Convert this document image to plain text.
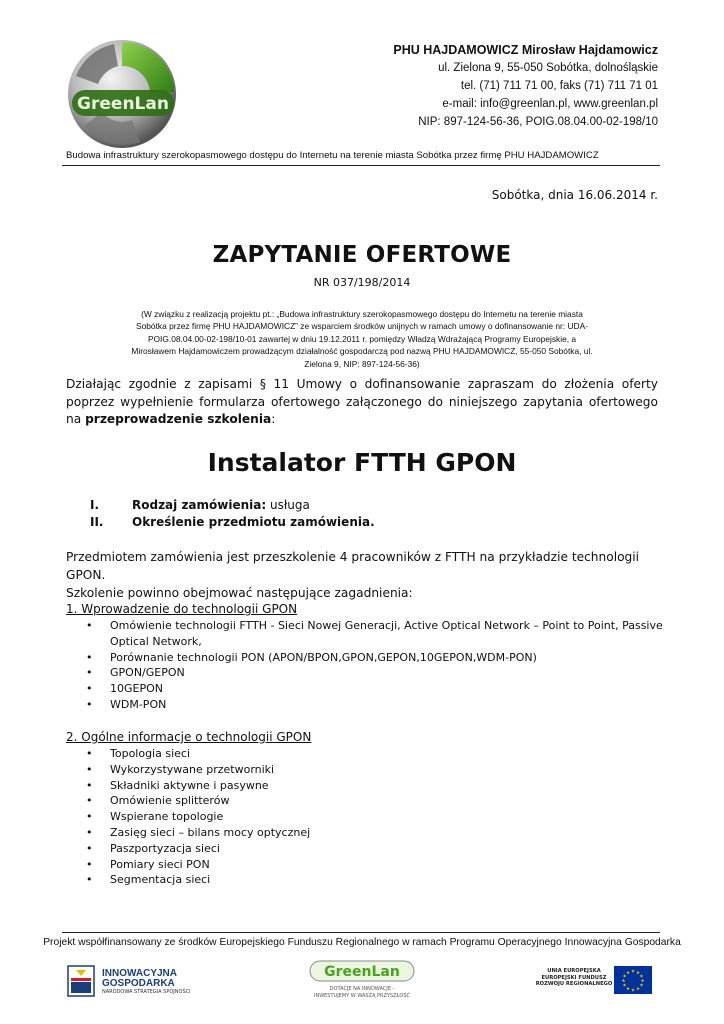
GreenLan
PHU HAJDAMOWICZ Mirosław Hajdamowicz
ul. Zielona 9, 55-050 Sobótka, dolnośląskie
tel. (71) 711 71 00, faks (71) 711 71 01
e-mail: info@greenlan.pl, www.greenlan.pl
NIP: 897-124-56-36, POIG.08.04.00-02-198/10
Budowa infrastruktury szerokopasmowego dostępu do Internetu na terenie miasta Sobótka przez firmę PHU HAJDAMOWICZ
Sobótka, dnia 16.06.2014 r.
ZAPYTANIE OFERTOWE
NR 037/198/2014
(W związku z realizacją projektu pt.: „Budowa infrastruktury szerokopasmowego dostępu do Internetu na terenie miasta Sobótka przez firmę PHU HAJDAMOWICZ” ze wsparciem środków unijnych w ramach umowy o dofinansowanie nr: UDA-POIG.08.04.00-02-198/10-01 zawartej w dniu 19.12.2011 r. pomiędzy Władzą Wdrażającą Programy Europejskie, a Mirosławem Hajdamowiczem prowadzącym działalność gospodarczą pod nazwą PHU HAJDAMOWICZ, 55-050 Sobótka, ul. Zielona 9, NIP: 897-124-56-36)
Działając zgodnie z zapisami § 11 Umowy o dofinansowanie zapraszam do złożenia oferty poprzez wypełnienie formularza ofertowego załączonego do niniejszego zapytania ofertowego na przeprowadzenie szkolenia:
Instalator FTTH GPON
I.	Rodzaj zamówienia: usługa
II. Określenie przedmiotu zamówienia.
Przedmiotem zamówienia jest przeszkolenie 4 pracowników z FTTH na przykładzie technologii GPON.
Szkolenie powinno obejmować następujące zagadnienia:
1. Wprowadzenie do technologii GPON
• Omówienie technologii FTTH - Sieci Nowej Generacji, Active Optical Network – Point to Point, Passive Optical Network,
• Porównanie technologii PON (APON/BPON,GPON,GEPON,10GEPON,WDM-PON)
• GPON/GEPON
• 10GEPON
• WDM-PON
2. Ogólne informacje o technologii GPON
• Topologia sieci
• Wykorzystywane przetworniki
• Składniki aktywne i pasywne
• Omówienie splitterów
• Wspierane topologie
• Zasięg sieci – bilans mocy optycznej
• Paszportyzacja sieci
• Pomiary sieci PON
• Segmentacja sieci
Projekt współfinansowany ze środków Europejskiego Funduszu Regionalnego w ramach Programu Operacyjnego Innowacyjna Gospodarka
INNOWACYJNA
GOSPODARKA
NARODOWA STRATEGIA SPÓJNOŚCI
GreenLan
DOTACJE NA INNOWACJE -
INWESTUJEMY W WASZĄ PRZYSZŁOŚĆ
UNIA EUROPEJSKA
EUROPEJSKI FUNDUSZ
ROZWOJU REGIONALNEGO
★ ★
★
★
★
★
★
★
★
★
★
★
